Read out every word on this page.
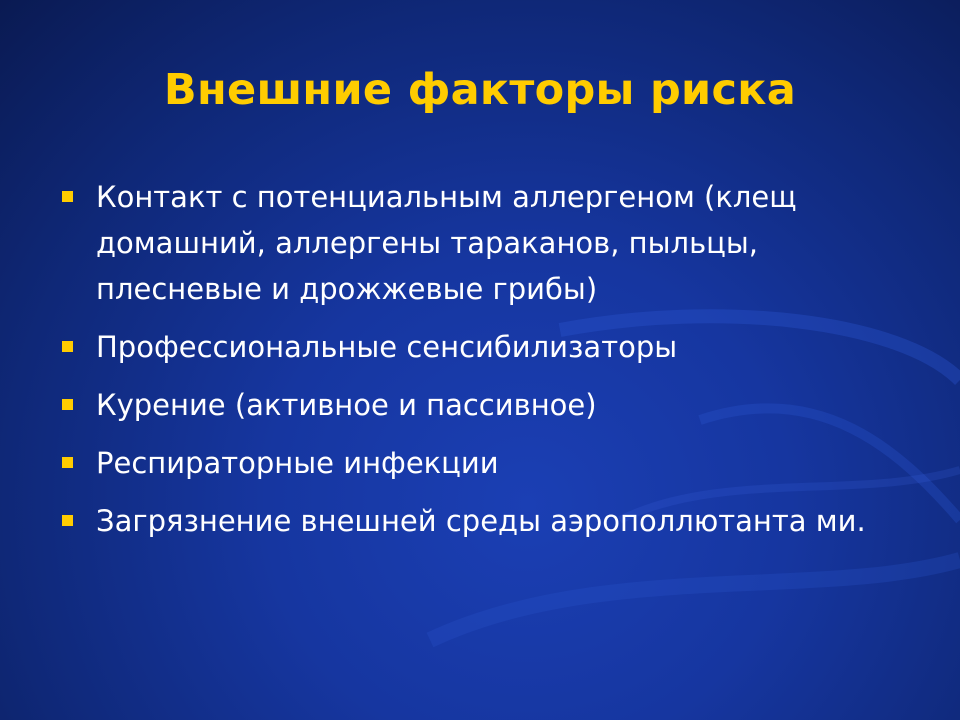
Внешние факторы риска
Контакт с потенциальным аллергеном (клещ домашний, аллергены тараканов, пыльцы, плесневые и дрожжевые грибы)
Профессиональные сенсибилизаторы
Курение (активное и пассивное)
Респираторные инфекции
Загрязнение внешней среды аэрополлютанта ми.
